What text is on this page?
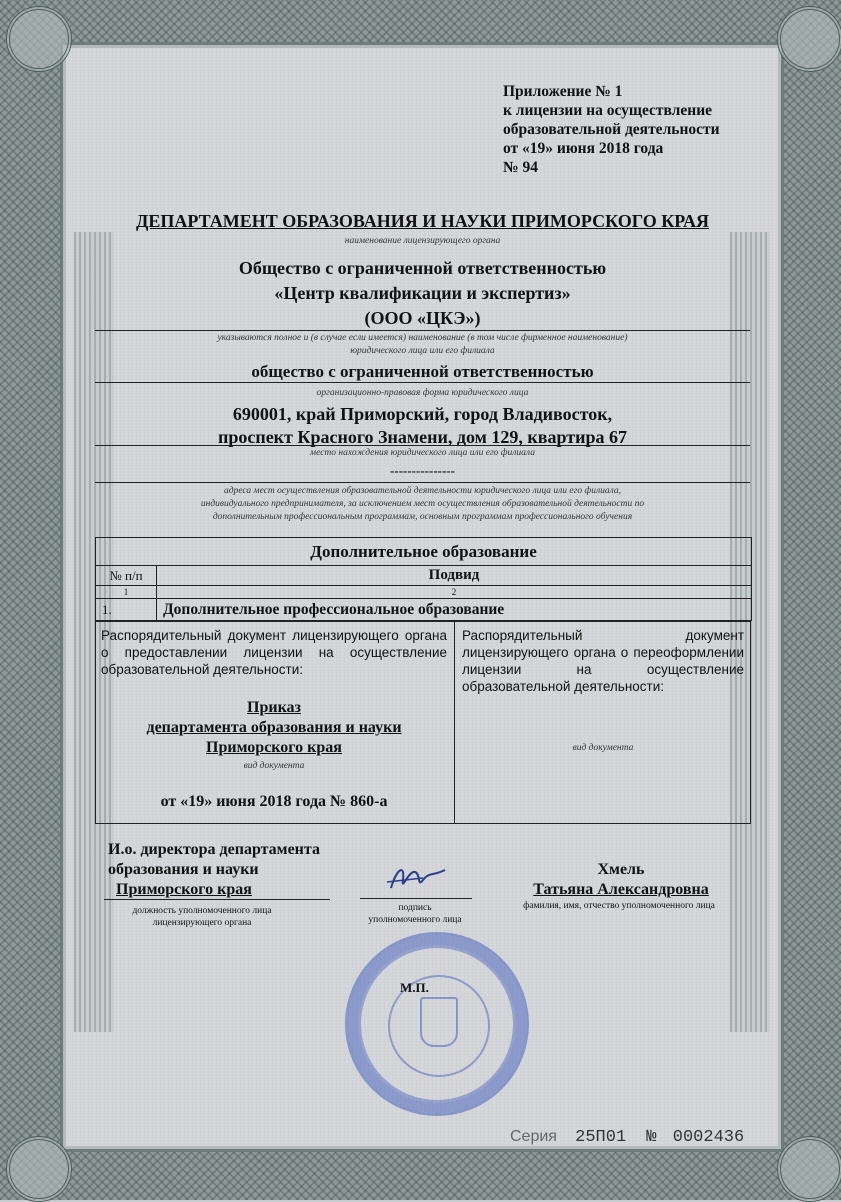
Приложение № 1
к лицензии на осуществление
образовательной деятельности
от «19» июня 2018 года
№ 94
ДЕПАРТАМЕНТ ОБРАЗОВАНИЯ И НАУКИ ПРИМОРСКОГО КРАЯ
наименование лицензирующего органа
Общество с ограниченной ответственностью
«Центр квалификации и экспертиз»
(ООО «ЦКЭ»)
указываются полное и (в случае если имеется) наименование (в том числе фирменное наименование)
юридического лица или его филиала
общество с ограниченной ответственностью
организационно-правовая форма юридического лица
690001, край Приморский, город Владивосток,
проспект Красного Знамени, дом 129, квартира 67
место нахождения юридического лица или его филиала
---------------
адреса мест осуществления образовательной деятельности юридического лица или его филиала,
индивидуального предпринимателя, за исключением мест осуществления образовательной деятельности по
дополнительным профессиональным программам, основным программам профессионального обучения
Дополнительное образование	
№ п/п	Подвид
1	2
1.	Дополнительное профессиональное образование
Распорядительный документ лицензирующего органа о предоставлении лицензии на осуществление образовательной деятельности:
Приказ
департамента образования и науки
Приморского края
вид документа
от «19» июня 2018 года № 860-а
Распорядительный документ лицензирующего органа о переоформлении лицензии на осуществление образовательной деятельности:
вид документа
И.о. директора департамента
образования и науки
Приморского края
должность уполномоченного лица
лицензирующего органа
подпись
уполномоченного лица
Хмель
Татьяна Александровна
фамилия, имя, отчество уполномоченного лица
М.П.
Серия 25П01 № 0002436
